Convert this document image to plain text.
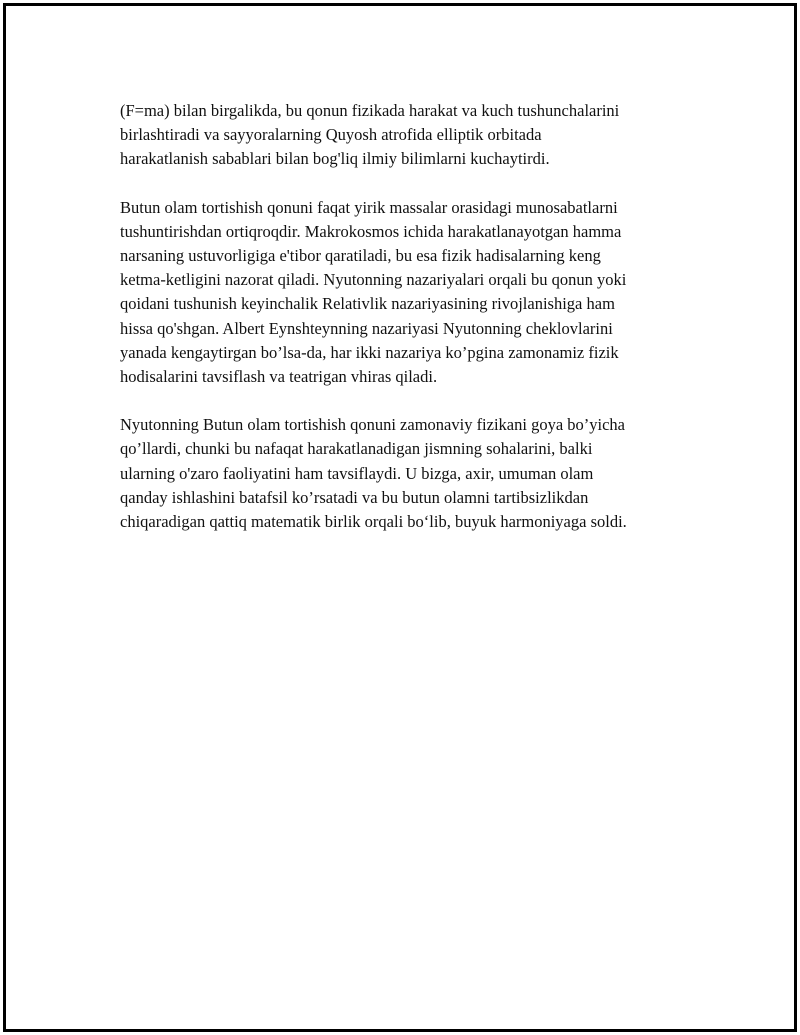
(F=ma) bilan birgalikda, bu qonun fizikada harakat va kuch tushunchalarini
birlashtiradi va sayyoralarning Quyosh atrofida elliptik orbitada
harakatlanish sabablari bilan bog'liq ilmiy bilimlarni kuchaytirdi.

Butun olam tortishish qonuni faqat yirik massalar orasidagi munosabatlarni
tushuntirishdan ortiqroqdir. Makrokosmos ichida harakatlanayotgan hamma
narsaning ustuvorligiga e'tibor qaratiladi, bu esa fizik hadisalarning keng
ketma-ketligini nazorat qiladi. Nyutonning nazariyalari orqali bu qonun yoki
qoidani tushunish keyinchalik Relativlik nazariyasining rivojlanishiga ham
hissa qo'shgan. Albert Eynshteynning nazariyasi Nyutonning cheklovlarini
yanada kengaytirgan bo’lsa-da, har ikki nazariya ko’pgina zamonamiz fizik
hodisalarini tavsiflash va teatrigan vhiras qiladi.

Nyutonning Butun olam tortishish qonuni zamonaviy fizikani goya bo’yicha
qo’llardi, chunki bu nafaqat harakatlanadigan jismning sohalarini, balki
ularning o'zaro faoliyatini ham tavsiflaydi. U bizga, axir, umuman olam
qanday ishlashini batafsil ko’rsatadi va bu butun olamni tartibsizlikdan
chiqaradigan qattiq matematik birlik orqali bo‘lib, buyuk harmoniyaga soldi.
